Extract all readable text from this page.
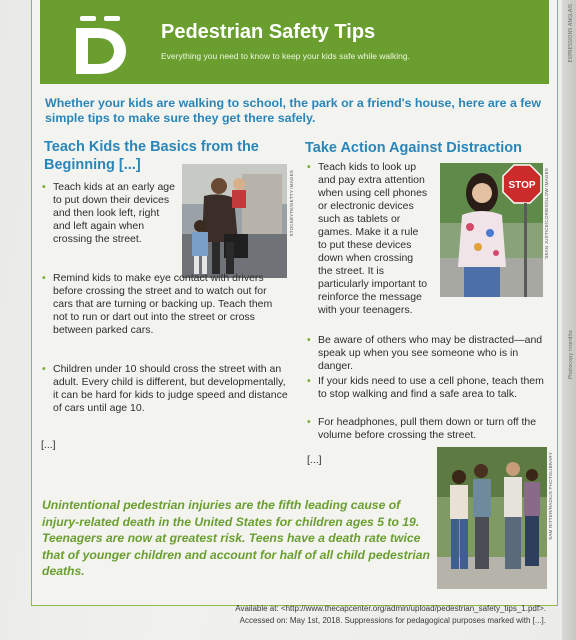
EXPRESSIONS ANGLAIS
Photocopy interdite
Pedestrian Safety Tips
Everything you need to know to keep your kids safe while walking.
Whether your kids are walking to school, the park or a friend's house, here are a few simple tips to make sure they get there safely.
Teach Kids the Basics from the Beginning [...]
STOCKBYTE/GETTY IMAGES
• Teach kids at an early age to put down their devices and then look left, right and left again when crossing the street.
• Remind kids to make eye contact with drivers before crossing the street and to watch out for cars that are turning or backing up. Teach them not to run or dart out into the street or cross between parked cars.
• Children under 10 should cross the street with an adult. Every child is different, but developmentally, it can be hard for kids to judge speed and distance of cars until age 10.
[...]
Take Action Against Distraction
STOP SEAN JUSTICE/CORBIS/GLOW IMAGES
• Teach kids to look up and pay extra attention when using cell phones or electronic devices such as tablets or games. Make it a rule to put these devices down when crossing the street. It is particularly important to reinforce the message with your teenagers.
• Be aware of others who may be distracted—and speak up when you see someone who is in danger.
• If your kids need to use a cell phone, teach them to stop walking and find a safe area to talk.
• For headphones, pull them down or turn off the volume before crossing the street.
[...]	SAM RITTER/RADIUS PHOTOLIBRARY
Unintentional pedestrian injuries are the fifth leading cause of injury-related death in the United States for children ages 5 to 19. Teenagers are now at greatest risk. Teens have a death rate twice that of younger children and account for half of all child pedestrian deaths.
Available at: <http://www.thecapcenter.org/admin/upload/pedestrian_safety_tips_1.pdf>.
Accessed on: May 1st, 2018. Suppressions for pedagogical purposes marked with [...].
